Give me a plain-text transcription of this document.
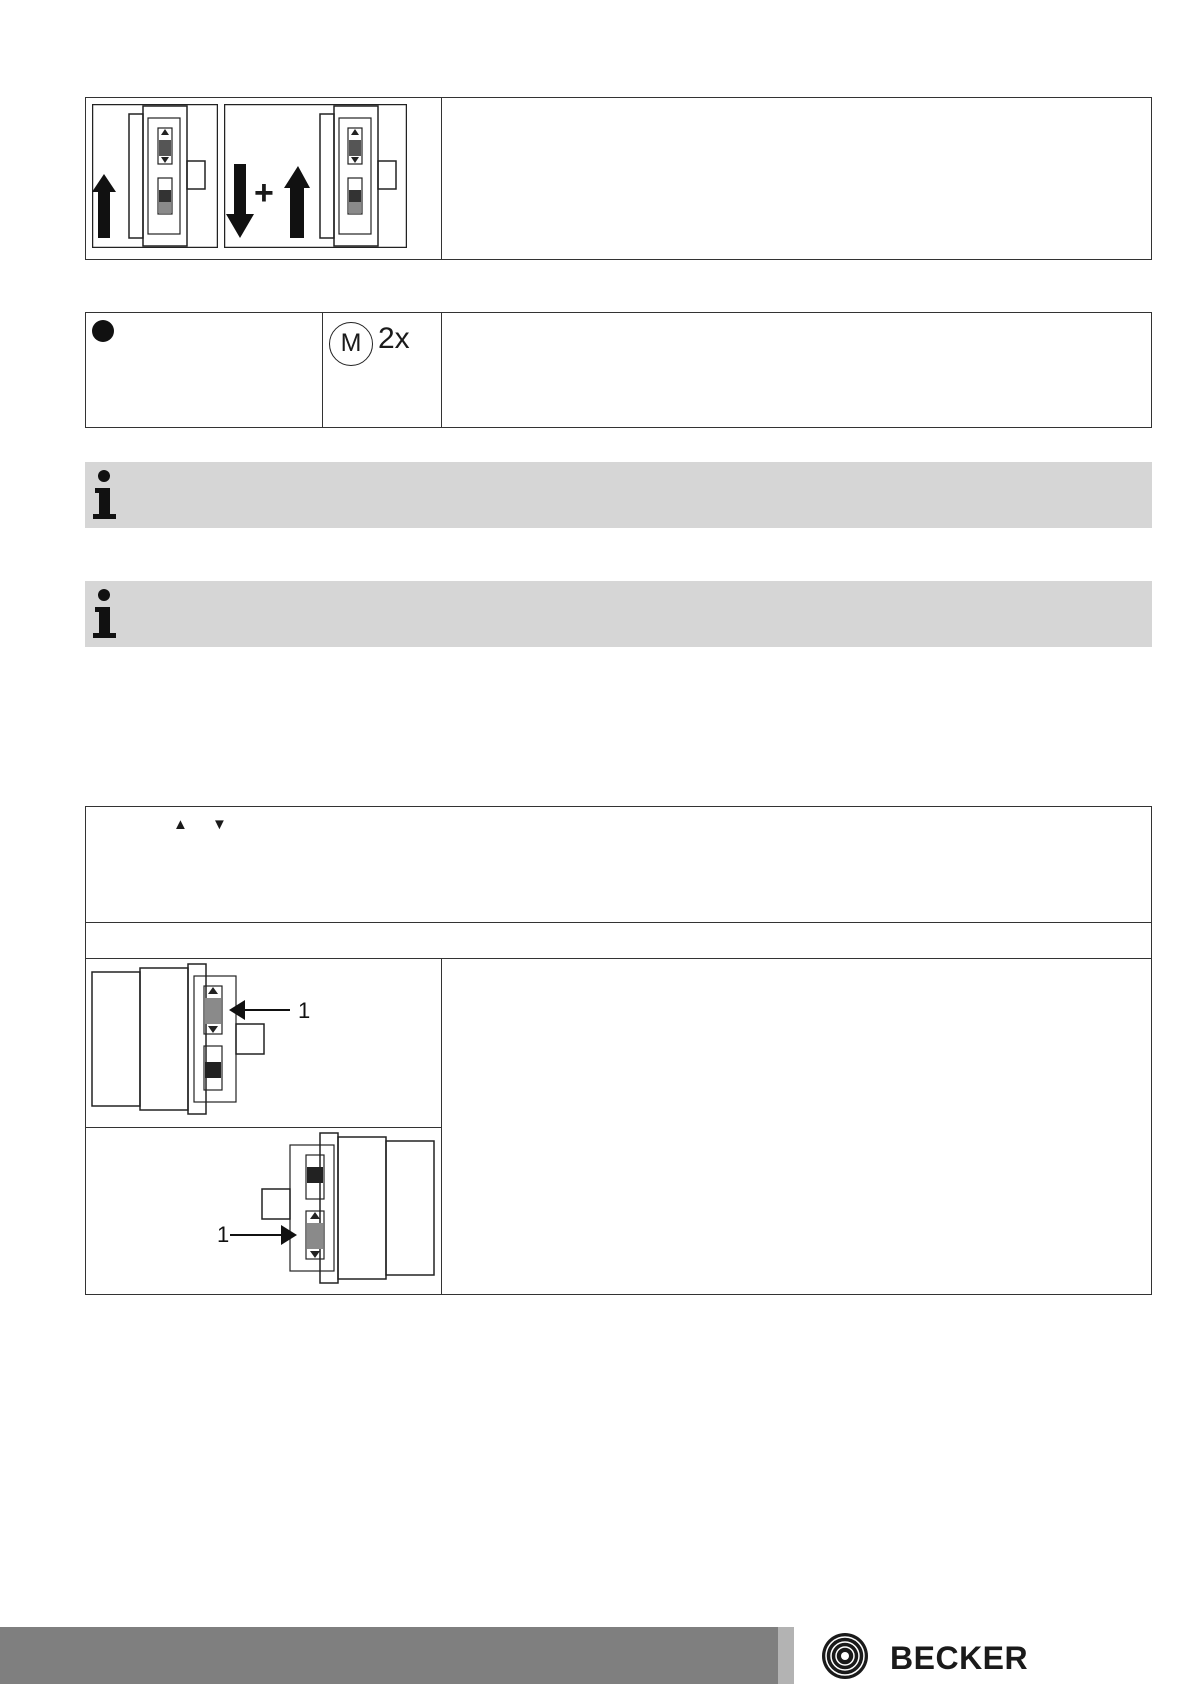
+
M 2x
▲ ▼
1
1
BECKER
